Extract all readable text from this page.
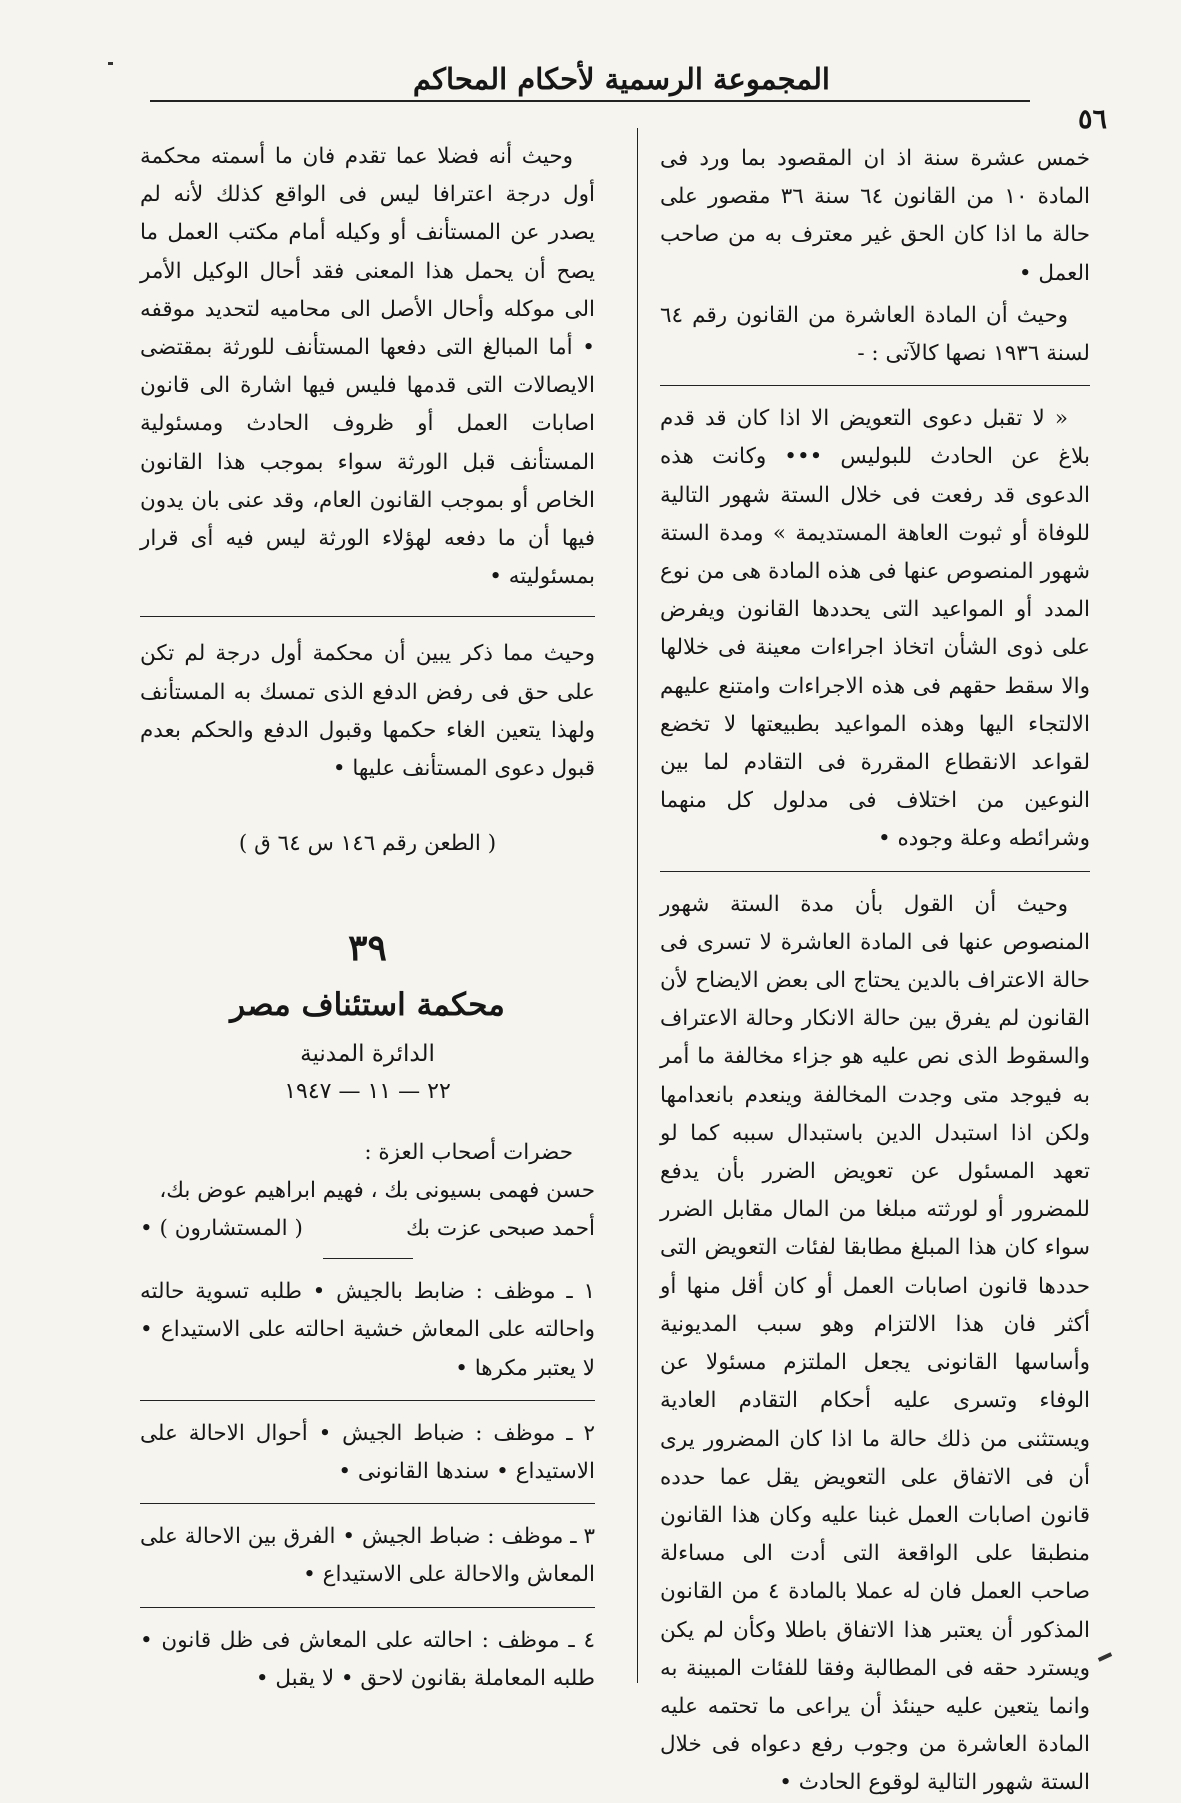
المجموعة الرسمية لأحكام المحاكم
٥٦

خمس عشرة سنة اذ ان المقصود بما ورد فى المادة ١٠ من القانون ٦٤ سنة ٣٦ مقصور على حالة ما اذا كان الحق غير معترف به من صاحب العمل •

وحيث أن المادة العاشرة من القانون رقم ٦٤ لسنة ١٩٣٦ نصها كالآتى : -

« لا تقبل دعوى التعويض الا اذا كان قد قدم بلاغ عن الحادث للبوليس ••• وكانت هذه الدعوى قد رفعت فى خلال الستة شهور التالية للوفاة أو ثبوت العاهة المستديمة » ومدة الستة شهور المنصوص عنها فى هذه المادة هى من نوع المدد أو المواعيد التى يحددها القانون ويفرض على ذوى الشأن اتخاذ اجراءات معينة فى خلالها والا سقط حقهم فى هذه الاجراءات وامتنع عليهم الالتجاء اليها وهذه المواعيد بطبيعتها لا تخضع لقواعد الانقطاع المقررة فى التقادم لما بين النوعين من اختلاف فى مدلول كل منهما وشرائطه وعلة وجوده •

وحيث أن القول بأن مدة الستة شهور المنصوص عنها فى المادة العاشرة لا تسرى فى حالة الاعتراف بالدين يحتاج الى بعض الايضاح لأن القانون لم يفرق بين حالة الانكار وحالة الاعتراف والسقوط الذى نص عليه هو جزاء مخالفة ما أمر به فيوجد متى وجدت المخالفة وينعدم بانعدامها ولكن اذا استبدل الدين باستبدال سببه كما لو تعهد المسئول عن تعويض الضرر بأن يدفع للمضرور أو لورثته مبلغا من المال مقابل الضرر سواء كان هذا المبلغ مطابقا لفئات التعويض التى حددها قانون اصابات العمل أو كان أقل منها أو أكثر فان هذا الالتزام وهو سبب المديونية وأساسها القانونى يجعل الملتزم مسئولا عن الوفاء وتسرى عليه أحكام التقادم العادية ويستثنى من ذلك حالة ما اذا كان المضرور يرى أن فى الاتفاق على التعويض يقل عما حدده قانون اصابات العمل غبنا عليه وكان هذا القانون منطبقا على الواقعة التى أدت الى مساءلة صاحب العمل فان له عملا بالمادة ٤ من القانون المذكور أن يعتبر هذا الاتفاق باطلا وكأن لم يكن ويسترد حقه فى المطالبة وفقا للفئات المبينة به وانما يتعين عليه حينئذ أن يراعى ما تحتمه عليه المادة العاشرة من وجوب رفع دعواه فى خلال الستة شهور التالية لوقوع الحادث •

وحيث أنه فضلا عما تقدم فان ما أسمته محكمة أول درجة اعترافا ليس فى الواقع كذلك لأنه لم يصدر عن المستأنف أو وكيله أمام مكتب العمل ما يصح أن يحمل هذا المعنى فقد أحال الوكيل الأمر الى موكله وأحال الأصل الى محاميه لتحديد موقفه • أما المبالغ التى دفعها المستأنف للورثة بمقتضى الايصالات التى قدمها فليس فيها اشارة الى قانون اصابات العمل أو ظروف الحادث ومسئولية المستأنف قبل الورثة سواء بموجب هذا القانون الخاص أو بموجب القانون العام، وقد عنى بان يدون فيها أن ما دفعه لهؤلاء الورثة ليس فيه أى قرار بمسئوليته •

وحيث مما ذكر يبين أن محكمة أول درجة لم تكن على حق فى رفض الدفع الذى تمسك به المستأنف ولهذا يتعين الغاء حكمها وقبول الدفع والحكم بعدم قبول دعوى المستأنف عليها •

( الطعن رقم ١٤٦ س ٦٤ ق )

٣٩
محكمة استئناف مصر
الدائرة المدنية
٢٢ — ١١ — ١٩٤٧

حضرات أصحاب العزة :

حسن فهمى بسيونى بك ، فهيم ابراهيم عوض بك،

أحمد صبحى عزت بك
( المستشارون ) •

١ ـ موظف : ضابط بالجيش • طلبه تسوية حالته واحالته على المعاش خشية احالته على الاستيداع • لا يعتبر مكرها •

٢ ـ موظف : ضباط الجيش • أحوال الاحالة على الاستيداع • سندها القانونى •

٣ ـ موظف : ضباط الجيش • الفرق بين الاحالة على المعاش والاحالة على الاستيداع •

٤ ـ موظف : احالته على المعاش فى ظل قانون • طلبه المعاملة بقانون لاحق • لا يقبل •
